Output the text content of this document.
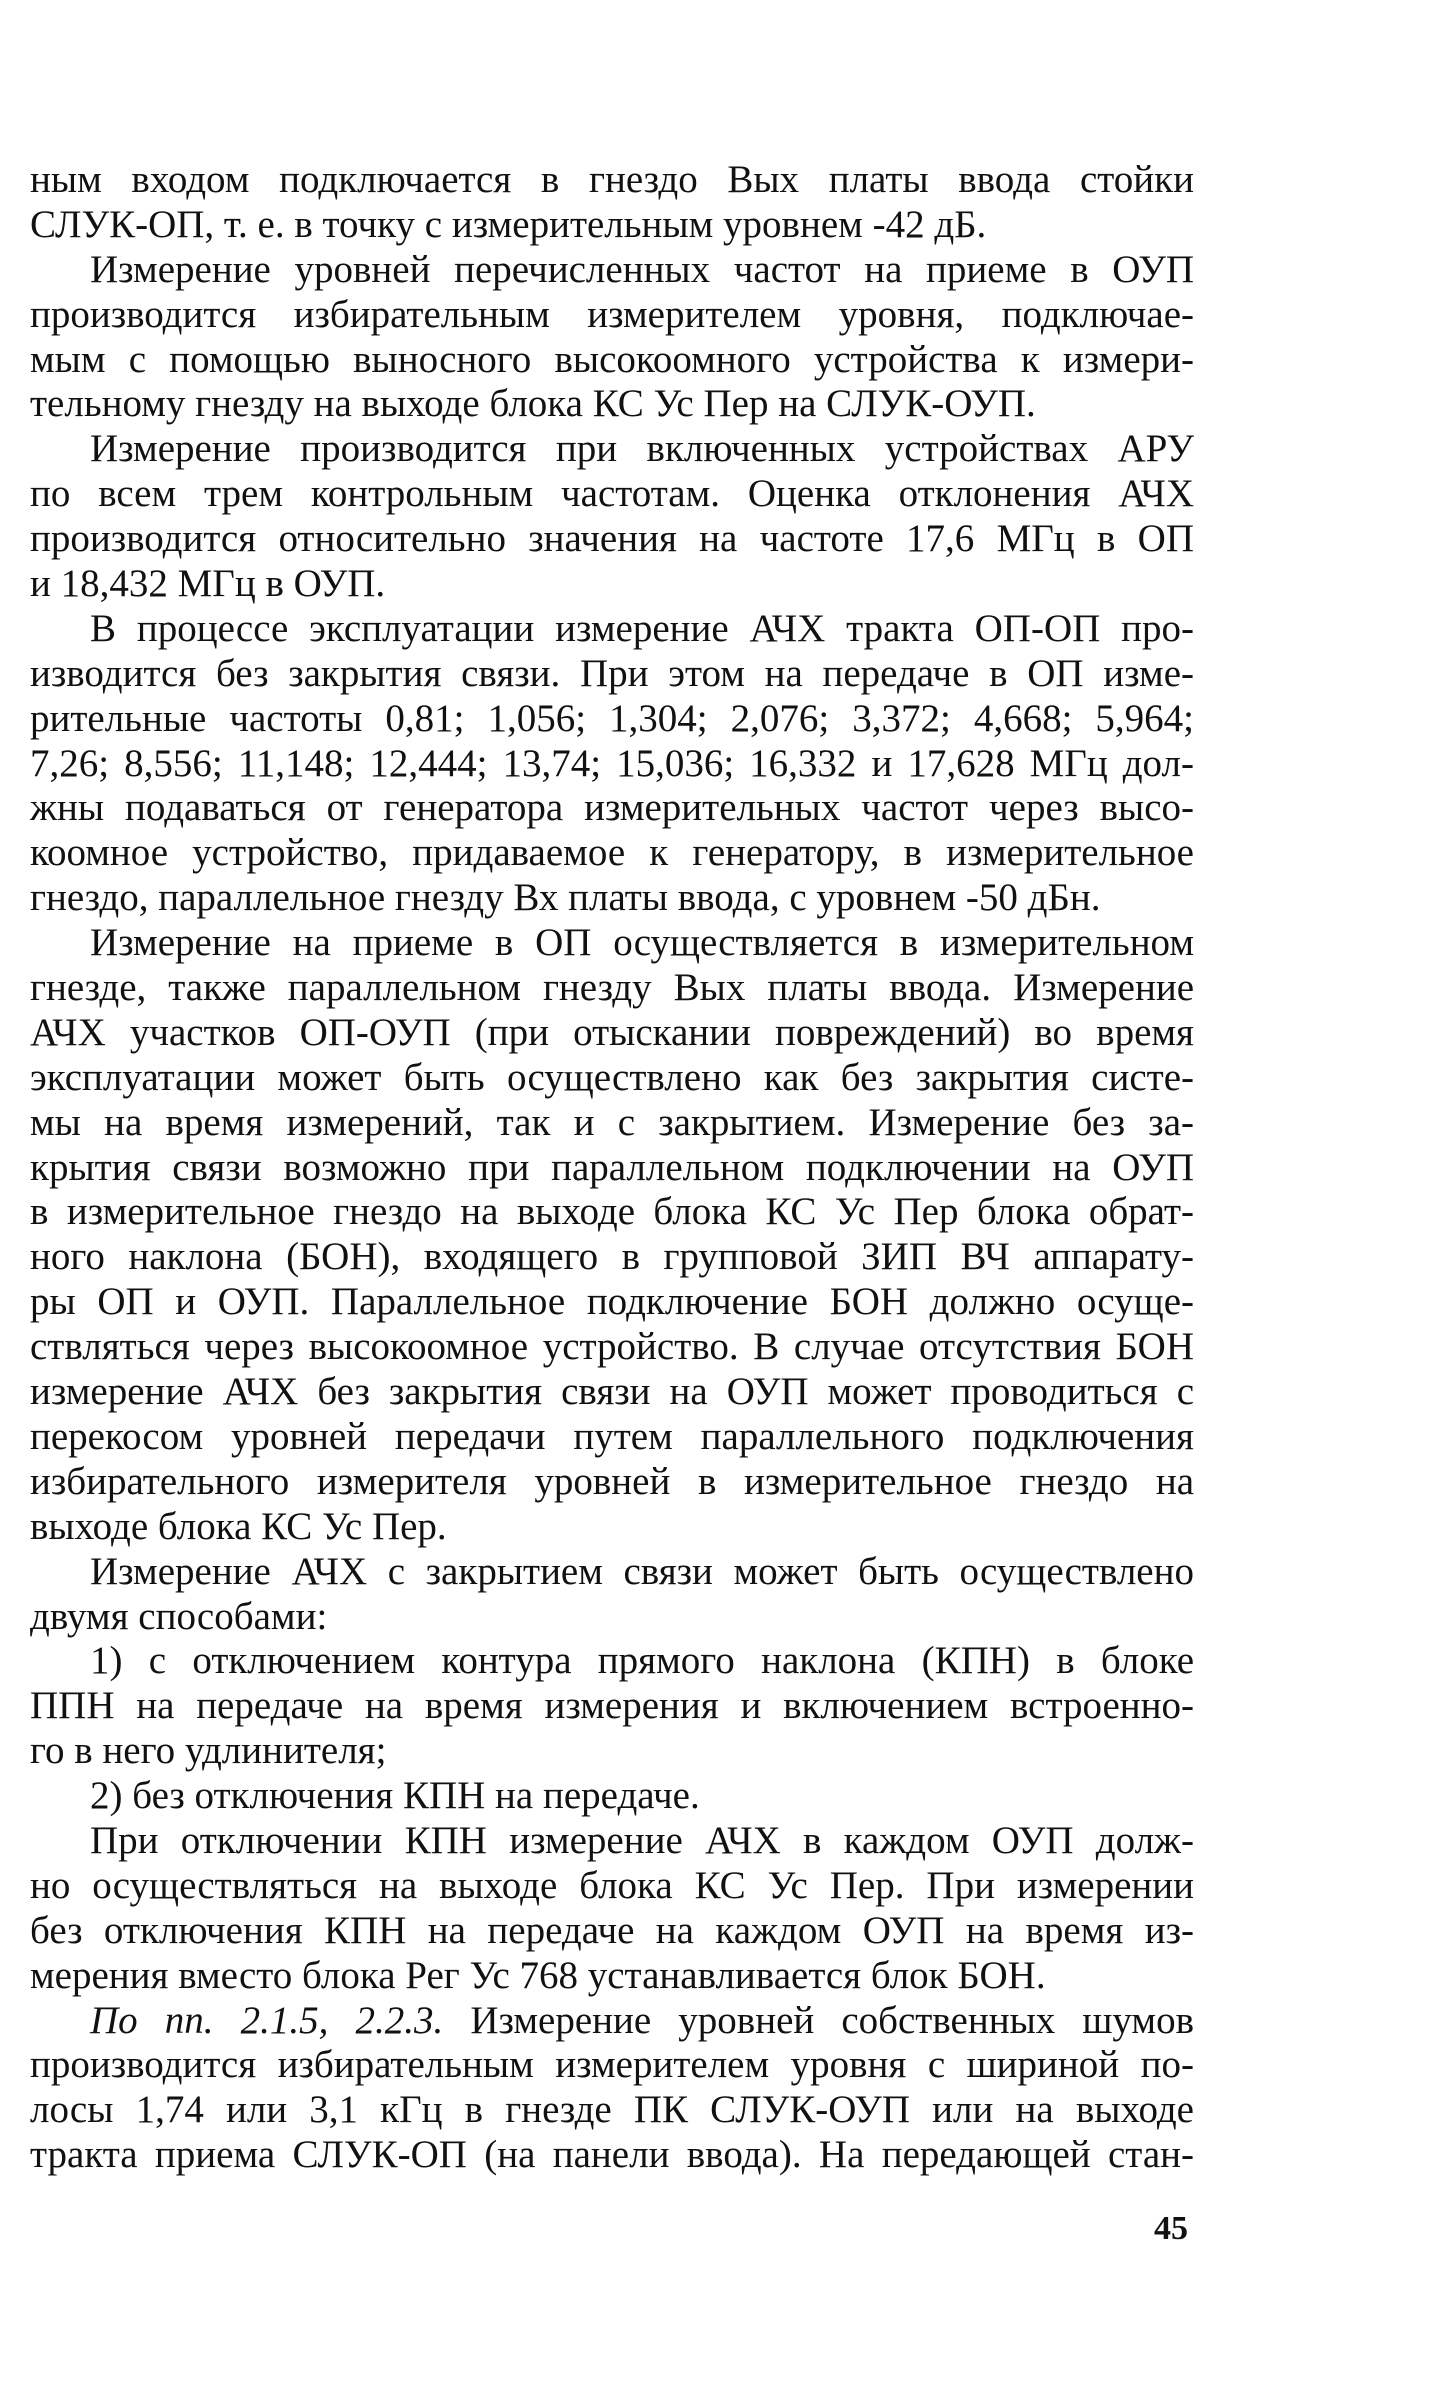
ным входом подключается в гнездо Вых платы ввода стойки
СЛУК-ОП, т. е. в точку с измерительным уровнем -42 дБ.
Измерение уровней перечисленных частот на приеме в ОУП
производится избирательным измерителем уровня, подключае-
мым с помощью выносного высокоомного устройства к измери-
тельному гнезду на выходе блока КС Ус Пер на СЛУК-ОУП.
Измерение производится при включенных устройствах АРУ
по всем трем контрольным частотам. Оценка отклонения АЧХ
производится относительно значения на частоте 17,6 МГц в ОП
и 18,432 МГц в ОУП.
В процессе эксплуатации измерение АЧХ тракта ОП-ОП про-
изводится без закрытия связи. При этом на передаче в ОП изме-
рительные частоты 0,81; 1,056; 1,304; 2,076; 3,372; 4,668; 5,964;
7,26; 8,556; 11,148; 12,444; 13,74; 15,036; 16,332 и 17,628 МГц дол-
жны подаваться от генератора измерительных частот через высо-
коомное устройство, придаваемое к генератору, в измерительное
гнездо, параллельное гнезду Вх платы ввода, с уровнем -50 дБн.
Измерение на приеме в ОП осуществляется в измерительном
гнезде, также параллельном гнезду Вых платы ввода. Измерение
АЧХ участков ОП-ОУП (при отыскании повреждений) во время
эксплуатации может быть осуществлено как без закрытия систе-
мы на время измерений, так и с закрытием. Измерение без за-
крытия связи возможно при параллельном подключении на ОУП
в измерительное гнездо на выходе блока КС Ус Пер блока обрат-
ного наклона (БОН), входящего в групповой ЗИП ВЧ аппарату-
ры ОП и ОУП. Параллельное подключение БОН должно осуще-
ствляться через высокоомное устройство. В случае отсутствия БОН
измерение АЧХ без закрытия связи на ОУП может проводиться с
перекосом уровней передачи путем параллельного подключения
избирательного измерителя уровней в измерительное гнездо на
выходе блока КС Ус Пер.
Измерение АЧХ с закрытием связи может быть осуществлено
двумя способами:
1) с отключением контура прямого наклона (КПН) в блоке
ППН на передаче на время измерения и включением встроенно-
го в него удлинителя;
2) без отключения КПН на передаче.
При отключении КПН измерение АЧХ в каждом ОУП долж-
но осуществляться на выходе блока КС Ус Пер. При измерении
без отключения КПН на передаче на каждом ОУП на время из-
мерения вместо блока Рег Ус 768 устанавливается блок БОН.
По пп. 2.1.5, 2.2.3. Измерение уровней собственных шумов
производится избирательным измерителем уровня с шириной по-
лосы 1,74 или 3,1 кГц в гнезде ПК СЛУК-ОУП или на выходе
тракта приема СЛУК-ОП (на панели ввода). На передающей стан-
45
